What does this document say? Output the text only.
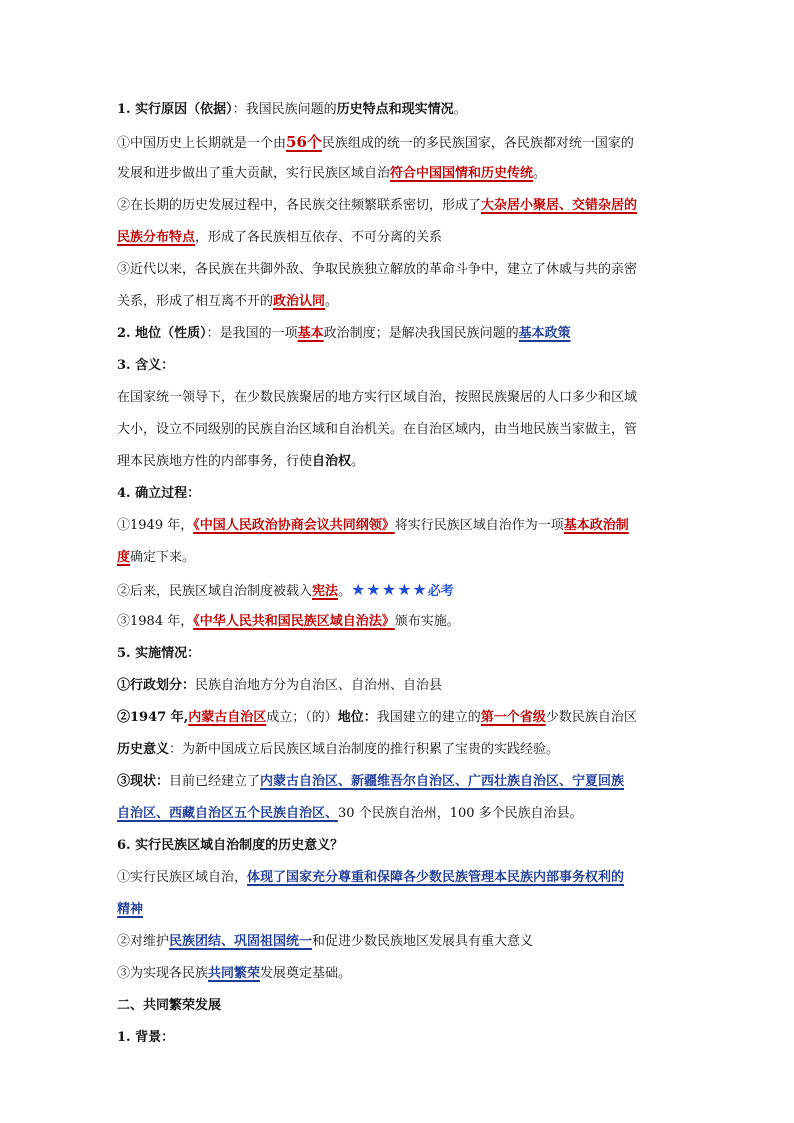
1. 实行原因（依据）：我国民族问题的历史特点和现实情况。
①中国历史上长期就是一个由56个民族组成的统一的多民族国家，各民族都对统一国家的
发展和进步做出了重大贡献，实行民族区域自治符合中国国情和历史传统。
②在长期的历史发展过程中，各民族交往频繁联系密切，形成了大杂居小聚居、交错杂居的
民族分布特点，形成了各民族相互依存、不可分离的关系
③近代以来，各民族在共御外敌、争取民族独立解放的革命斗争中，建立了休戚与共的亲密
关系，形成了相互离不开的政治认同。
2. 地位（性质）：是我国的一项基本政治制度；是解决我国民族问题的基本政策
3. 含义：
在国家统一领导下，在少数民族聚居的地方实行区域自治，按照民族聚居的人口多少和区域
大小，设立不同级别的民族自治区域和自治机关。在自治区域内，由当地民族当家做主，管
理本民族地方性的内部事务，行使自治权。
4. 确立过程：
①1949 年，《中国人民政治协商会议共同纲领》将实行民族区域自治作为一项基本政治制
度确定下来。
②后来，民族区域自治制度被载入宪法。★★★★★必考
③1984 年，《中华人民共和国民族区域自治法》颁布实施。
5. 实施情况：
①行政划分：民族自治地方分为自治区、自治州、自治县
②1947 年,内蒙古自治区成立；（的）地位：我国建立的建立的第一个省级少数民族自治区
历史意义：为新中国成立后民族区域自治制度的推行积累了宝贵的实践经验。
③现状：目前已经建立了内蒙古自治区、新疆维吾尔自治区、广西壮族自治区、宁夏回族
自治区、西藏自治区五个民族自治区、30 个民族自治州，100 多个民族自治县。
6. 实行民族区域自治制度的历史意义？
①实行民族区域自治，体现了国家充分尊重和保障各少数民族管理本民族内部事务权利的
精神
②对维护民族团结、巩固祖国统一和促进少数民族地区发展具有重大意义
③为实现各民族共同繁荣发展奠定基础。
二、共同繁荣发展
1. 背景：
